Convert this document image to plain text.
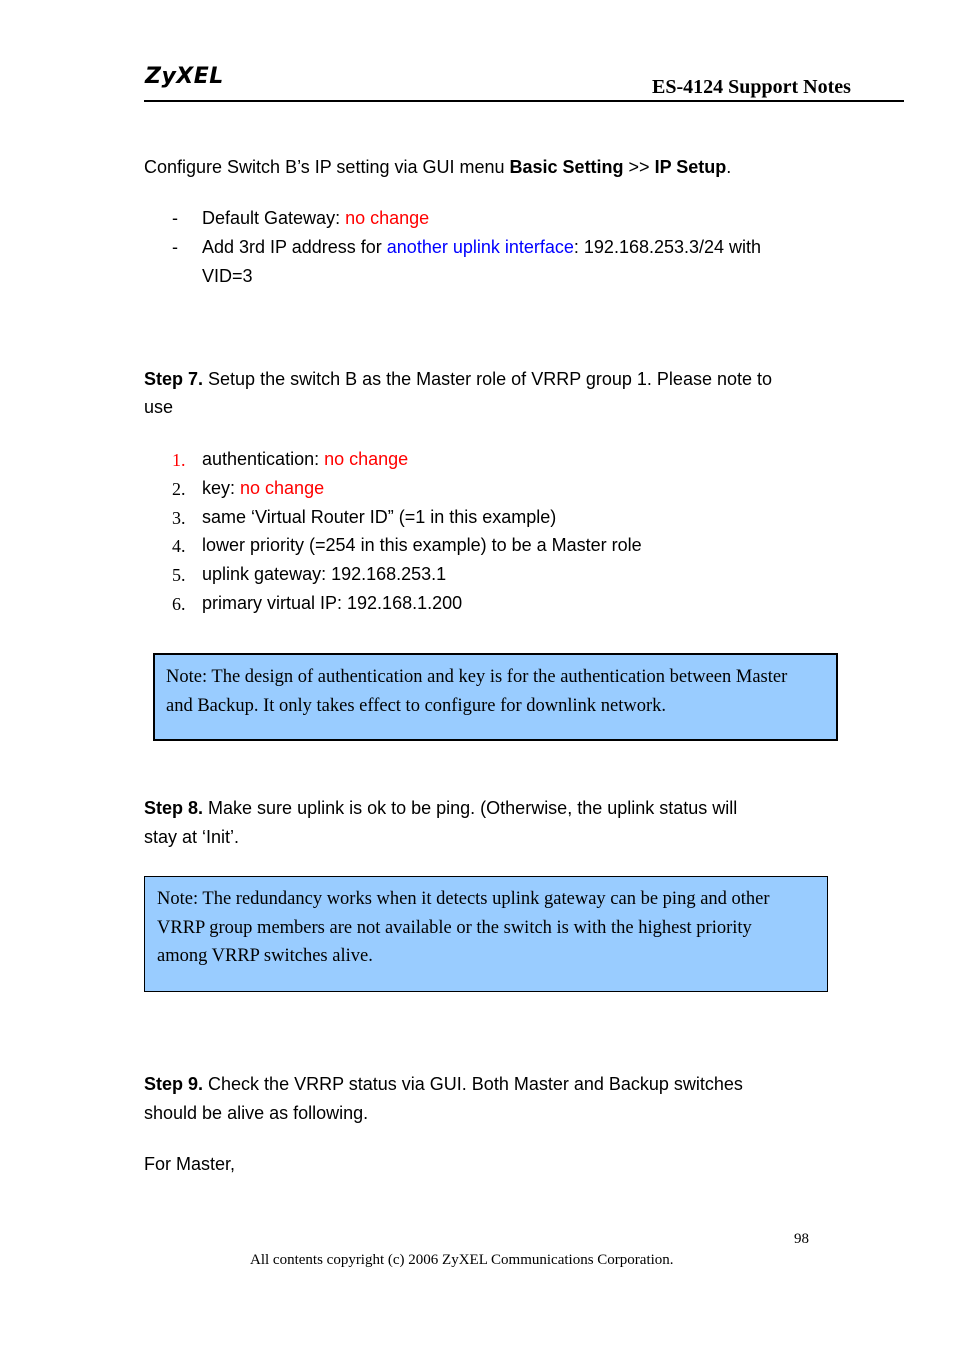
ZyXEL	ES-4124 Support Notes
Configure Switch B’s IP setting via GUI menu Basic Setting >> IP Setup.
- Default Gateway: no change
- Add 3rd IP address for another uplink interface: 192.168.253.3/24 with
VID=3
Step 7. Setup the switch B as the Master role of VRRP group 1. Please note to
use
1. authentication: no change
2. key: no change
3. same ‘Virtual Router ID” (=1 in this example)
4. lower priority (=254 in this example) to be a Master role
5. uplink gateway: 192.168.253.1
6. primary virtual IP: 192.168.1.200
Note: The design of authentication and key is for the authentication between Master
and Backup. It only takes effect to configure for downlink network.
Step 8. Make sure uplink is ok to be ping. (Otherwise, the uplink status will
stay at ‘Init’.
Note: The redundancy works when it detects uplink gateway can be ping and other
VRRP group members are not available or the switch is with the highest priority
among VRRP switches alive.
Step 9. Check the VRRP status via GUI. Both Master and Backup switches
should be alive as following.
For Master,
98
All contents copyright (c) 2006 ZyXEL Communications Corporation.
